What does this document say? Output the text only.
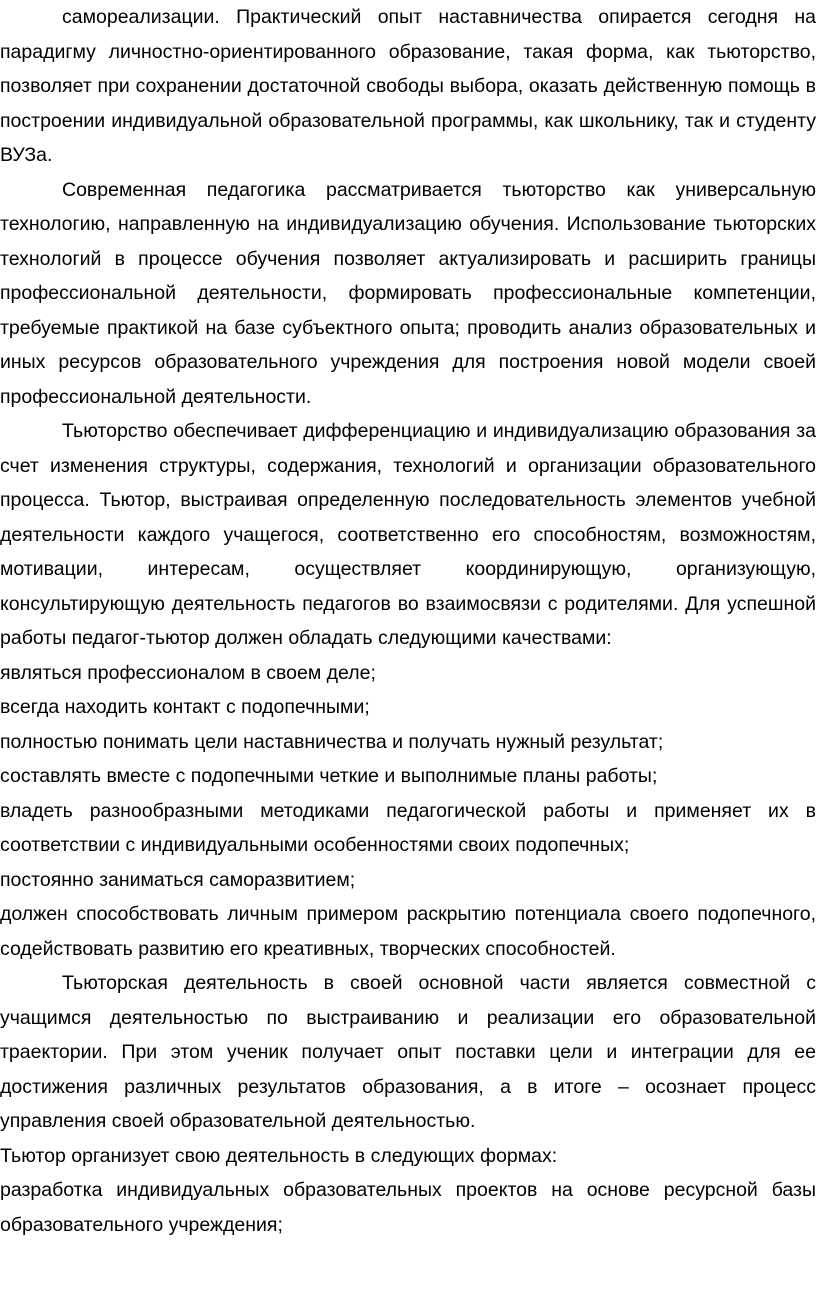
самореализации. Практический опыт наставничества опирается сегодня на парадигму личностно-ориентированного образование, такая форма, как тьюторство, позволяет при сохранении достаточной свободы выбора, оказать действенную помощь в построении индивидуальной образовательной программы, как школьнику, так и студенту ВУЗа.

Современная педагогика рассматривается тьюторство как универсальную технологию, направленную на индивидуализацию обучения. Использование тьюторских технологий в процессе обучения позволяет актуализировать и расширить границы профессиональной деятельности, формировать профессиональные компетенции, требуемые практикой на базе субъектного опыта; проводить анализ образовательных и иных ресурсов образовательного учреждения для построения новой модели своей профессиональной деятельности.

Тьюторство обеспечивает дифференциацию и индивидуализацию образования за счет изменения структуры, содержания, технологий и организации образовательного процесса. Тьютор, выстраивая определенную последовательность элементов учебной деятельности каждого учащегося, соответственно его способностям, возможностям, мотивации, интересам, осуществляет координирующую, организующую, консультирующую деятельность педагогов во взаимосвязи с родителями. Для успешной работы педагог-тьютор должен обладать следующими качествами:

являться профессионалом в своем деле;

всегда находить контакт с подопечными;

полностью понимать цели наставничества и получать нужный результат;

составлять вместе с подопечными четкие и выполнимые планы работы;

владеть разнообразными методиками педагогической работы и применяет их в соответствии с индивидуальными особенностями своих подопечных;

постоянно заниматься саморазвитием;

должен способствовать личным примером раскрытию потенциала своего подопечного, содействовать развитию его креативных, творческих способностей.

Тьюторская деятельность в своей основной части является совместной с учащимся деятельностью по выстраиванию и реализации его образовательной траектории. При этом ученик получает опыт поставки цели и интеграции для ее достижения различных результатов образования, а в итоге – осознает процесс управления своей образовательной деятельностью.

Тьютор организует свою деятельность в следующих формах:

разработка индивидуальных образовательных проектов на основе ресурсной базы образовательного учреждения;
